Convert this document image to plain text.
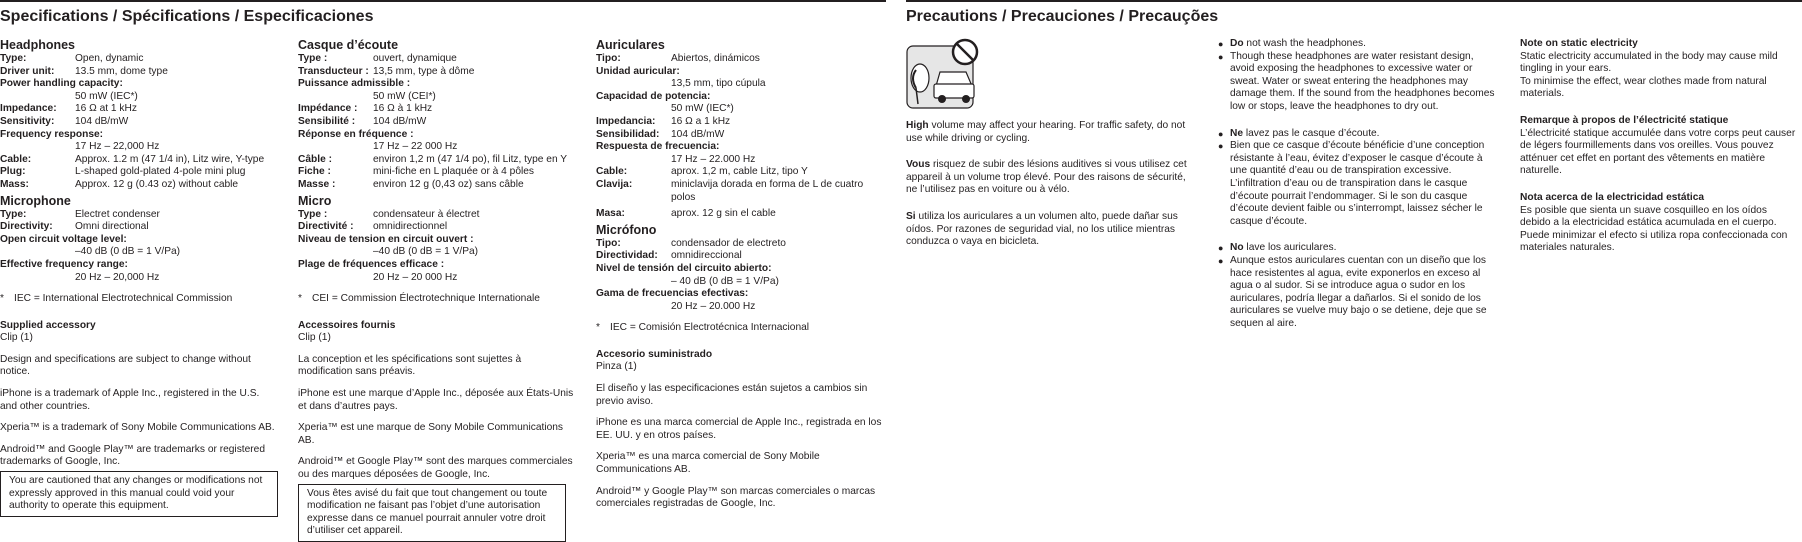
Specifications / Spécifications / Especificaciones	Precautions / Precauciones / Precauções
Headphones
Type:	Open, dynamic
Driver unit:	13.5 mm, dome type
Power handling capacity:
50 mW (IEC*)
Impedance:	16 Ω at 1 kHz
Sensitivity:	104 dB/mW
Frequency response:
17 Hz – 22,000 Hz
Cable:	Approx. 1.2 m (47 1/4 in), Litz wire, Y-type
Plug:	L-shaped gold-plated 4-pole mini plug
Mass:	Approx. 12 g (0.43 oz) without cable
Microphone
Type:	Electret condenser
Directivity:	Omni directional
Open circuit voltage level:
–40 dB (0 dB = 1 V/Pa)
Effective frequency range:
20 Hz – 20,000 Hz
* IEC = International Electrotechnical Commission
Supplied accessory
Clip (1)
Design and specifications are subject to change without notice.
iPhone is a trademark of Apple Inc., registered in the U.S. and other countries.
Xperia™ is a trademark of Sony Mobile Communications AB.
Android™ and Google Play™ are trademarks or registered trademarks of Google, Inc.
You are cautioned that any changes or modifications not expressly approved in this manual could void your authority to operate this equipment.
Casque d’écoute
Type :	ouvert, dynamique
Transducteur : 13,5 mm, type à dôme
Puissance admissible :
50 mW (CEI*)
Impédance :	16 Ω à 1 kHz
Sensibilité :	104 dB/mW
Réponse en fréquence :
17 Hz – 22 000 Hz
Câble :	environ 1,2 m (47 1/4 po), fil Litz, type en Y
Fiche :	mini-fiche en L plaquée or à 4 pôles
Masse :	environ 12 g (0,43 oz) sans câble
Micro
Type :	condensateur à électret
Directivité :	omnidirectionnel
Niveau de tension en circuit ouvert :
–40 dB (0 dB = 1 V/Pa)
Plage de fréquences efficace :
20 Hz – 20 000 Hz
* CEI = Commission Électrotechnique Internationale
Accessoires fournis
Clip (1)
La conception et les spécifications sont sujettes à modification sans préavis.
iPhone est une marque d’Apple Inc., déposée aux États-Unis et dans d’autres pays.
Xperia™ est une marque de Sony Mobile Communications AB.
Android™ et Google Play™ sont des marques commerciales ou des marques déposées de Google, Inc.
Vous êtes avisé du fait que tout changement ou toute modification ne faisant pas l’objet d’une autorisation expresse dans ce manuel pourrait annuler votre droit d’utiliser cet appareil.
Auriculares
Tipo:	Abiertos, dinámicos
Unidad auricular:
13,5 mm, tipo cúpula
Capacidad de potencia:
50 mW (IEC*)
Impedancia:	16 Ω a 1 kHz
Sensibilidad:	104 dB/mW
Respuesta de frecuencia:
17 Hz – 22.000 Hz
Cable:	aprox. 1,2 m, cable Litz, tipo Y
Clavija:	miniclavija dorada en forma de L de cuatro polos
Masa:	aprox. 12 g sin el cable
Micrófono
Tipo:	condensador de electreto
Directividad:	omnidireccional
Nivel de tensión del circuito abierto:
– 40 dB (0 dB = 1 V/Pa)
Gama de frecuencias efectivas:
20 Hz – 20.000 Hz
* IEC = Comisión Electrotécnica Internacional
Accesorio suministrado
Pinza (1)
El diseño y las especificaciones están sujetos a cambios sin previo aviso.
iPhone es una marca comercial de Apple Inc., registrada en los EE. UU. y en otros países.
Xperia™ es una marca comercial de Sony Mobile Communications AB.
Android™ y Google Play™ son marcas comerciales o marcas comerciales registradas de Google, Inc.

High volume may affect your hearing. For traffic safety, do not use while driving or cycling.

Vous risquez de subir des lésions auditives si vous utilisez cet appareil à un volume trop élevé. Pour des raisons de sécurité, ne l’utilisez pas en voiture ou à vélo.

Si utiliza los auriculares a un volumen alto, puede dañar sus oídos. Por razones de seguridad vial, no los utilice mientras conduzca o vaya en bicicleta.

● Do not wash the headphones.
● Though these headphones are water resistant design, avoid exposing the headphones to excessive water or sweat. Water or sweat entering the headphones may damage them. If the sound from the headphones becomes low or stops, leave the headphones to dry out.
● Ne lavez pas le casque d’écoute.
● Bien que ce casque d’écoute bénéficie d’une conception résistante à l’eau, évitez d’exposer le casque d’écoute à une quantité d’eau ou de transpiration excessive. L’infiltration d’eau ou de transpiration dans le casque d’écoute pourrait l’endommager. Si le son du casque d’écoute devient faible ou s’interrompt, laissez sécher le casque d’écoute.
● No lave los auriculares.
● Aunque estos auriculares cuentan con un diseño que los hace resistentes al agua, evite exponerlos en exceso al agua o al sudor. Si se introduce agua o sudor en los auriculares, podría llegar a dañarlos. Si el sonido de los auriculares se vuelve muy bajo o se detiene, deje que se sequen al aire.
Note on static electricity
Static electricity accumulated in the body may cause mild tingling in your ears.
To minimise the effect, wear clothes made from natural materials.
Remarque à propos de l’électricité statique
L’électricité statique accumulée dans votre corps peut causer de légers fourmillements dans vos oreilles. Vous pouvez atténuer cet effet en portant des vêtements en matière naturelle.
Nota acerca de la electricidad estática
Es posible que sienta un suave cosquilleo en los oídos debido a la electricidad estática acumulada en el cuerpo. Puede minimizar el efecto si utiliza ropa confeccionada con materiales naturales.
